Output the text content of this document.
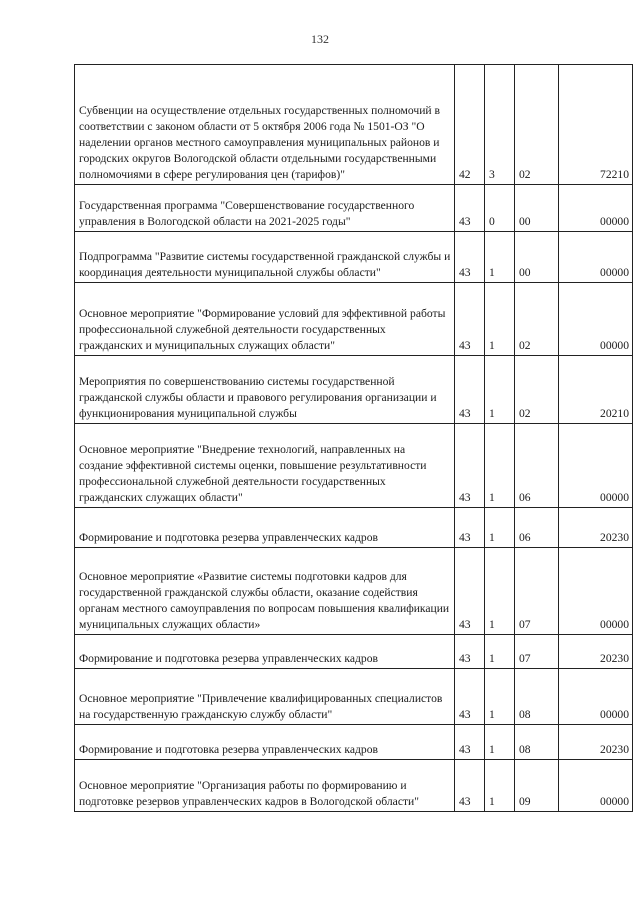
132
Субвенции на осуществление отдельных государственных полномочий в соответствии с законом области от 5 октября 2006 года № 1501-ОЗ "О наделении органов местного самоуправления муниципальных районов и городских округов Вологодской области отдельными государственными полномочиями в сфере регулирования цен (тарифов)"	42	3	02	72210
Государственная программа "Совершенствование государственного управления в Вологодской области на 2021-2025 годы"	43	0	00	00000
Подпрограмма "Развитие системы государственной гражданской службы и координация деятельности муниципальной службы области"	43	1	00	00000
Основное мероприятие "Формирование условий для эффективной работы профессиональной служебной деятельности государственных гражданских и муниципальных служащих области"	43	1	02	00000
Мероприятия по совершенствованию системы государственной гражданской службы области и правового регулирования организации и функционирования муниципальной службы	43	1	02	20210
Основное мероприятие "Внедрение технологий, направленных на создание эффективной системы оценки, повышение результативности профессиональной служебной деятельности государственных гражданских служащих области"	43	1	06	00000
Формирование и подготовка резерва управленческих кадров	43	1	06	20230
Основное мероприятие «Развитие системы подготовки кадров для государственной гражданской службы области, оказание содействия органам местного самоуправления по вопросам повышения квалификации муниципальных служащих области»	43	1	07	00000
Формирование и подготовка резерва управленческих кадров	43	1	07	20230
Основное мероприятие "Привлечение квалифицированных специалистов на государственную гражданскую службу области"	43	1	08	00000
Формирование и подготовка резерва управленческих кадров	43	1	08	20230
Основное мероприятие "Организация работы по формированию и подготовке резервов управленческих кадров в Вологодской области"	43	1	09	00000
